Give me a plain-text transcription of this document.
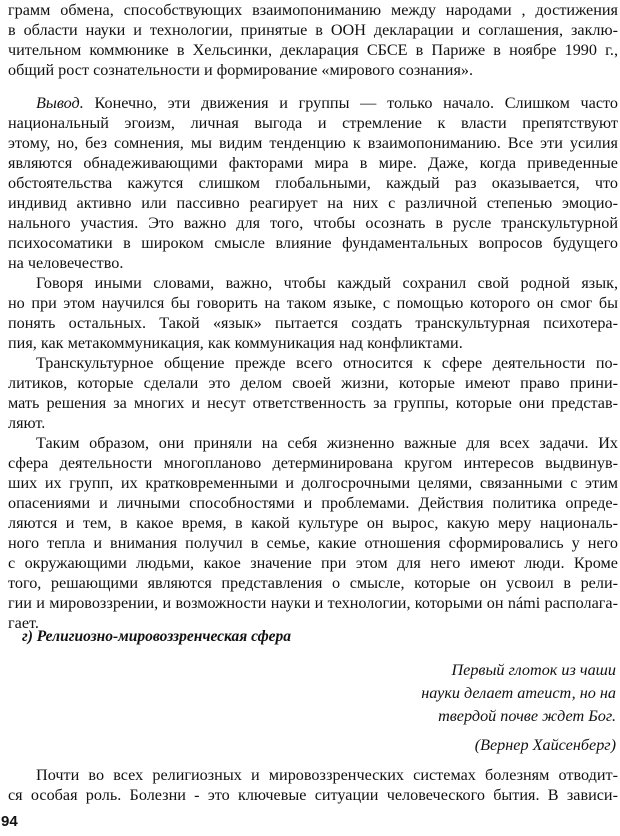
грамм обмена, способствующих взаимопониманию между народами , достижения
в области науки и технологии, принятые в ООН декларации и соглашения, заклю-
чительном коммюнике в Хельсинки, декларация СБСЕ в Париже в ноябре 1990 г.,
общий рост сознательности и формирование «мирового сознания».
Вывод. Конечно, эти движения и группы — только начало. Слишком часто
национальный эгоизм, личная выгода и стремление к власти препятствуют
этому, но, без сомнения, мы видим тенденцию к взаимопониманию. Все эти усилия
являются обнадеживающими факторами мира в мире. Даже, когда приведенные
обстоятельства кажутся слишком глобальными, каждый раз оказывается, что
индивид активно или пассивно реагирует на них с различной степенью эмоцио-
нального участия. Это важно для того, чтобы осознать в русле транскультурной
психосоматики в широком смысле влияние фундаментальных вопросов будущего
на человечество.
Говоря иными словами, важно, чтобы каждый сохранил свой родной язык,
но при этом научился бы говорить на таком языке, с помощью которого он смог бы
понять остальных. Такой «язык» пытается создать транскультурная психотера-
пия, как метакоммуникация, как коммуникация над конфликтами.
Транскультурное общение прежде всего относится к сфере деятельности по-
литиков, которые сделали это делом своей жизни, которые имеют право прини-
мать решения за многих и несут ответственность за группы, которые они представ-
ляют.
Таким образом, они приняли на себя жизненно важные для всех задачи. Их
сфера деятельности многопланово детерминирована кругом интересов выдвинув-
ших их групп, их кратковременными и долгосрочными целями, связанными с этим
опасениями и личными способностями и проблемами. Действия политика опреде-
ляются и тем, в какое время, в какой культуре он вырос, какую меру националь-
ного тепла и внимания получил в семье, какие отношения сформировались у него
с окружающими людьми, какое значение при этом для него имеют люди. Кроме
того, решающими являются представления о смысле, которые он усвоил в рели-
гии и мировоззрении, и возможности науки и технологии, которыми он námi располага-
гает.
г) Религиозно-мировоззренческая сфера
Первый глоток из чаши
науки делает атеист, но на
твердой почве ждет Бог.
(Вернер Хайсенберг)
Почти во всех религиозных и мировоззренческих системах болезням отводит-
ся особая роль. Болезни - это ключевые ситуации человеческого бытия. В зависи-
94
